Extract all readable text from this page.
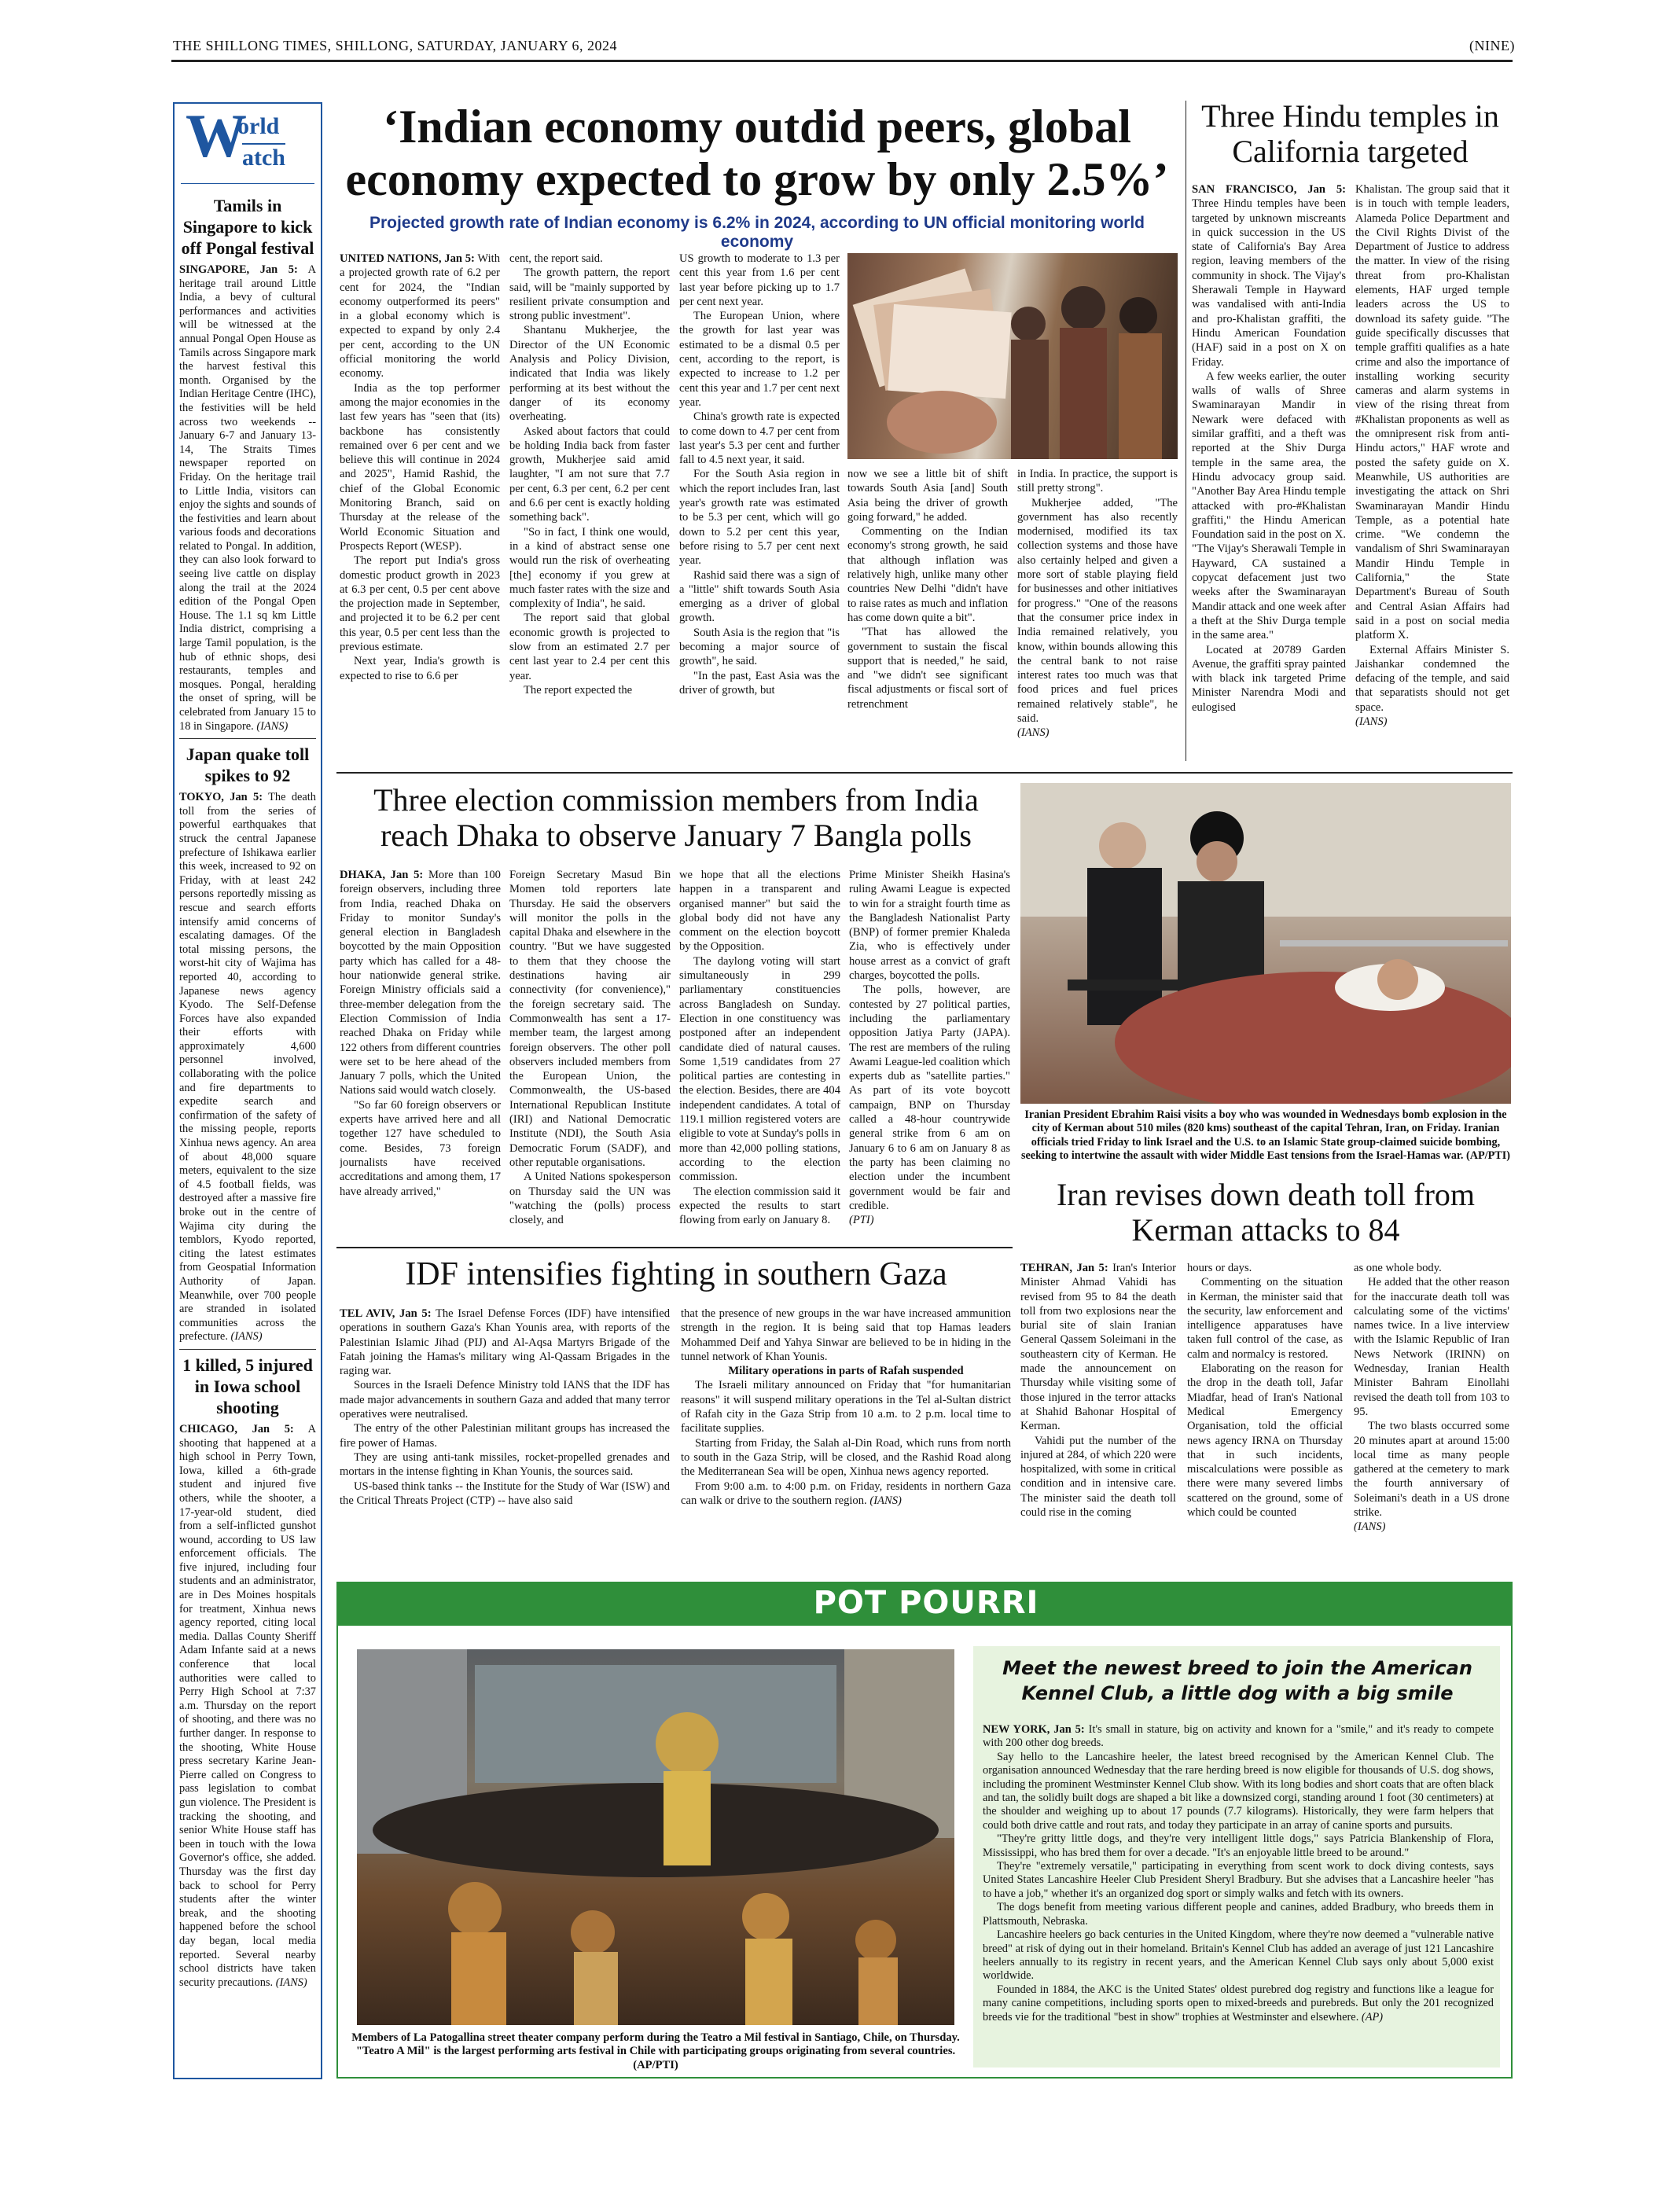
THE SHILLONG TIMES, SHILLONG, SATURDAY, JANUARY 6, 2024	(NINE)
W
orld
atch
Tamils in Singapore to kick off Pongal festival

SINGAPORE, Jan 5: A heritage trail around Little India, a bevy of cultural performances and activities will be witnessed at the annual Pongal Open House as Tamils across Singapore mark the harvest festival this month. Organised by the Indian Heritage Centre (IHC), the festivities will be held across two weekends -- January 6-7 and January 13-14, The Straits Times newspaper reported on Friday. On the heritage trail to Little India, visitors can enjoy the sights and sounds of the festivities and learn about various foods and decorations related to Pongal. In addition, they can also look forward to seeing live cattle on display along the trail at the 2024 edition of the Pongal Open House. The 1.1 sq km Little India district, comprising a large Tamil population, is the hub of ethnic shops, desi restaurants, temples and mosques. Pongal, heralding the onset of spring, will be celebrated from January 15 to 18 in Singapore. (IANS)

Japan quake toll spikes to 92

TOKYO, Jan 5: The death toll from the series of powerful earthquakes that struck the central Japanese prefecture of Ishikawa earlier this week, increased to 92 on Friday, with at least 242 persons reportedly missing as rescue and search efforts intensify amid concerns of escalating damages. Of the total missing persons, the worst-hit city of Wajima has reported 40, according to Japanese news agency Kyodo. The Self-Defense Forces have also expanded their efforts with approximately 4,600 personnel involved, collaborating with the police and fire departments to expedite search and confirmation of the safety of the missing people, reports Xinhua news agency. An area of about 48,000 square meters, equivalent to the size of 4.5 football fields, was destroyed after a massive fire broke out in the centre of Wajima city during the temblors, Kyodo reported, citing the latest estimates from Geospatial Information Authority of Japan. Meanwhile, over 700 people are stranded in isolated communities across the prefecture. (IANS)

1 killed, 5 injured in Iowa school shooting

CHICAGO, Jan 5: A shooting that happened at a high school in Perry Town, Iowa, killed a 6th-grade student and injured five others, while the shooter, a 17-year-old student, died from a self-inflicted gunshot wound, according to US law enforcement officials. The five injured, including four students and an administrator, are in Des Moines hospitals for treatment, Xinhua news agency reported, citing local media. Dallas County Sheriff Adam Infante said at a news conference that local authorities were called to Perry High School at 7:37 a.m. Thursday on the report of shooting, and there was no further danger. In response to the shooting, White House press secretary Karine Jean-Pierre called on Congress to pass legislation to combat gun violence. The President is tracking the shooting, and senior White House staff has been in touch with the Iowa Governor's office, she added. Thursday was the first day back to school for Perry students after the winter break, and the shooting happened before the school day began, local media reported. Several nearby school districts have taken security precautions. (IANS)

‘Indian economy outdid peers, global economy expected to grow by only 2.5%’
Projected growth rate of Indian economy is 6.2% in 2024, according to UN official monitoring world economy

UNITED NATIONS, Jan 5: With a projected growth rate of 6.2 per cent for 2024, the "Indian economy outperformed its peers" in a global economy which is expected to expand by only 2.4 per cent, according to the UN official monitoring the world economy.

India as the top performer among the major economies in the last few years has "seen that (its) backbone has consistently remained over 6 per cent and we believe this will continue in 2024 and 2025", Hamid Rashid, the chief of the Global Economic Monitoring Branch, said on Thursday at the release of the World Economic Situation and Prospects Report (WESP).

The report put India's gross domestic product growth in 2023 at 6.3 per cent, 0.5 per cent above the projection made in September, and projected it to be 6.2 per cent this year, 0.5 per cent less than the previous estimate.

Next year, India's growth is expected to rise to 6.6 per

cent, the report said.

The growth pattern, the report said, will be "mainly supported by resilient private consumption and strong public investment".

Shantanu Mukherjee, the Director of the UN Economic Analysis and Policy Division, indicated that India was likely performing at its best without the danger of its economy overheating.

Asked about factors that could be holding India back from faster growth, Mukherjee said amid laughter, "I am not sure that 7.7 per cent, 6.3 per cent, 6.2 per cent and 6.6 per cent is exactly holding something back".

"So in fact, I think one would, in a kind of abstract sense one would run the risk of overheating [the] economy if you grew at much faster rates with the size and complexity of India", he said.

The report said that global economic growth is projected to slow from an estimated 2.7 per cent last year to 2.4 per cent this year.

The report expected the

US growth to moderate to 1.3 per cent this year from 1.6 per cent last year before picking up to 1.7 per cent next year.

The European Union, where the growth for last year was estimated to be a dismal 0.5 per cent, according to the report, is expected to increase to 1.2 per cent this year and 1.7 per cent next year.

China's growth rate is expected to come down to 4.7 per cent from last year's 5.3 per cent and further fall to 4.5 next year, it said.

For the South Asia region in which the report includes Iran, last year's growth rate was estimated to be 5.3 per cent, which will go down to 5.2 per cent this year, before rising to 5.7 per cent next year.

Rashid said there was a sign of a "little" shift towards South Asia emerging as a driver of global growth.

South Asia is the region that "is becoming a major source of growth", he said.

"In the past, East Asia was the driver of growth, but

now we see a little bit of shift towards South Asia [and] South Asia being the driver of growth going forward," he added.

Commenting on the Indian economy's strong growth, he said that although inflation was relatively high, unlike many other countries New Delhi "didn't have to raise rates as much and inflation has come down quite a bit".

"That has allowed the government to sustain the fiscal support that is needed," he said, and "we didn't see significant fiscal adjustments or fiscal sort of retrenchment

in India. In practice, the support is still pretty strong".

Mukherjee added, "The government has also recently modernised, modified its tax collection systems and those have also certainly helped and given a more sort of stable playing field for businesses and other initiatives for progress." "One of the reasons that the consumer price index in India remained relatively, you know, within bounds allowing this the central bank to not raise interest rates too much was that food prices and fuel prices remained relatively stable", he said.

(IANS)

Three Hindu temples in California targeted

SAN FRANCISCO, Jan 5: Three Hindu temples have been targeted by unknown miscreants in quick succession in the US state of California's Bay Area region, leaving members of the community in shock. The Vijay's Sherawali Temple in Hayward was vandalised with anti-India and pro-Khalistan graffiti, the Hindu American Foundation (HAF) said in a post on X on Friday.

A few weeks earlier, the outer walls of walls of Shree Swaminarayan Mandir in Newark were defaced with similar graffiti, and a theft was reported at the Shiv Durga temple in the same area, the Hindu advocacy group said. "Another Bay Area Hindu temple attacked with pro-#Khalistan graffiti," the Hindu American Foundation said in the post on X. "The Vijay's Sherawali Temple in Hayward, CA sustained a copycat defacement just two weeks after the Swaminarayan Mandir attack and one week after a theft at the Shiv Durga temple in the same area."

Located at 20789 Garden Avenue, the graffiti spray painted with black ink targeted Prime Minister Narendra Modi and eulogised

Khalistan. The group said that it is in touch with temple leaders, Alameda Police Department and the Civil Rights Divist of the Department of Justice to address the matter. In view of the rising threat from pro-Khalistan elements, HAF urged temple leaders across the US to download its safety guide. "The guide specifically discusses that temple graffiti qualifies as a hate crime and also the importance of installing working security cameras and alarm systems in view of the rising threat from #Khalistan proponents as well as the omnipresent risk from anti-Hindu actors," HAF wrote and posted the safety guide on X. Meanwhile, US authorities are investigating the attack on Shri Swaminarayan Mandir Hindu Temple, as a potential hate crime. "We condemn the vandalism of Shri Swaminarayan Mandir Hindu Temple in California," the State Department's Bureau of South and Central Asian Affairs had said in a post on social media platform X.

External Affairs Minister S. Jaishankar condemned the defacing of the temple, and said that separatists should not get space.

(IANS)

Three election commission members from India reach Dhaka to observe January 7 Bangla polls

DHAKA, Jan 5: More than 100 foreign observers, including three from India, reached Dhaka on Friday to monitor Sunday's general election in Bangladesh boycotted by the main Opposition party which has called for a 48-hour nationwide general strike. Foreign Ministry officials said a three-member delegation from the Election Commission of India reached Dhaka on Friday while 122 others from different countries were set to be here ahead of the January 7 polls, which the United Nations said would watch closely.

"So far 60 foreign observers or experts have arrived here and all together 127 have scheduled to come. Besides, 73 foreign journalists have received accreditations and among them, 17 have already arrived,"

Foreign Secretary Masud Bin Momen told reporters late Thursday. He said the observers will monitor the polls in the capital Dhaka and elsewhere in the country. "But we have suggested to them that they choose the destinations having air connectivity (for convenience)," the foreign secretary said. The Commonwealth has sent a 17-member team, the largest among foreign observers. The other poll observers included members from the European Union, the Commonwealth, the US-based International Republican Institute (IRI) and National Democratic Institute (NDI), the South Asia Democratic Forum (SADF), and other reputable organisations.

A United Nations spokesperson on Thursday said the UN was "watching the (polls) process closely, and

we hope that all the elections happen in a transparent and organised manner" but said the global body did not have any comment on the election boycott by the Opposition.

The daylong voting will start simultaneously in 299 parliamentary constituencies across Bangladesh on Sunday. Election in one constituency was postponed after an independent candidate died of natural causes. Some 1,519 candidates from 27 political parties are contesting in the election. Besides, there are 404 independent candidates. A total of 119.1 million registered voters are eligible to vote at Sunday's polls in more than 42,000 polling stations, according to the election commission.

The election commission said it expected the results to start flowing from early on January 8.

Prime Minister Sheikh Hasina's ruling Awami League is expected to win for a straight fourth time as the Bangladesh Nationalist Party (BNP) of former premier Khaleda Zia, who is effectively under house arrest as a convict of graft charges, boycotted the polls.

The polls, however, are contested by 27 political parties, including the parliamentary opposition Jatiya Party (JAPA). The rest are members of the ruling Awami League-led coalition which experts dub as "satellite parties." As part of its vote boycott campaign, BNP on Thursday called a 48-hour countrywide general strike from 6 am on January 6 to 6 am on January 8 as the party has been claiming no election under the incumbent government would be fair and credible.

(PTI)

Iranian President Ebrahim Raisi visits a boy who was wounded in Wednesdays bomb explosion in the city of Kerman about 510 miles (820 kms) southeast of the capital Tehran, Iran, on Friday. Iranian officials tried Friday to link Israel and the U.S. to an Islamic State group-claimed suicide bombing, seeking to intertwine the assault with wider Middle East tensions from the Israel-Hamas war. (AP/PTI)
Iran revises down death toll from Kerman attacks to 84

TEHRAN, Jan 5: Iran's Interior Minister Ahmad Vahidi has revised from 95 to 84 the death toll from two explosions near the burial site of slain Iranian General Qassem Soleimani in the southeastern city of Kerman. He made the announcement on Thursday while visiting some of those injured in the terror attacks at Shahid Bahonar Hospital of Kerman.

Vahidi put the number of the injured at 284, of which 220 were hospitalized, with some in critical condition and in intensive care. The minister said the death toll could rise in the coming

hours or days.

Commenting on the situation in Kerman, the minister said that the security, law enforcement and intelligence apparatuses have taken full control of the case, as calm and normalcy is restored.

Elaborating on the reason for the drop in the death toll, Jafar Miadfar, head of Iran's National Medical Emergency Organisation, told the official news agency IRNA on Thursday that in such incidents, miscalculations were possible as there were many severed limbs scattered on the ground, some of which could be counted

as one whole body.

He added that the other reason for the inaccurate death toll was calculating some of the victims' names twice. In a live interview with the Islamic Republic of Iran News Network (IRINN) on Wednesday, Iranian Health Minister Bahram Einollahi revised the death toll from 103 to 95.

The two blasts occurred some 20 minutes apart at around 15:00 local time as many people gathered at the cemetery to mark the fourth anniversary of Soleimani's death in a US drone strike.

(IANS)

IDF intensifies fighting in southern Gaza

TEL AVIV, Jan 5: The Israel Defense Forces (IDF) have intensified operations in southern Gaza's Khan Younis area, with reports of the Palestinian Islamic Jihad (PIJ) and Al-Aqsa Martyrs Brigade of the Fatah joining the Hamas's military wing Al-Qassam Brigades in the raging war.

Sources in the Israeli Defence Ministry told IANS that the IDF has made major advancements in southern Gaza and added that many terror operatives were neutralised.

The entry of the other Palestinian militant groups has increased the fire power of Hamas.

They are using anti-tank missiles, rocket-propelled grenades and mortars in the intense fighting in Khan Younis, the sources said.

US-based think tanks -- the Institute for the Study of War (ISW) and the Critical Threats Project (CTP) -- have also said

that the presence of new groups in the war have increased ammunition strength in the region. It is being said that top Hamas leaders Mohammed Deif and Yahya Sinwar are believed to be in hiding in the tunnel network of Khan Younis.

Military operations in parts of Rafah suspended

The Israeli military announced on Friday that "for humanitarian reasons" it will suspend military operations in the Tel al-Sultan district of Rafah city in the Gaza Strip from 10 a.m. to 2 p.m. local time to facilitate supplies.

Starting from Friday, the Salah al-Din Road, which runs from north to south in the Gaza Strip, will be closed, and the Rashid Road along the Mediterranean Sea will be open, Xinhua news agency reported.

From 9:00 a.m. to 4:00 p.m. on Friday, residents in northern Gaza can walk or drive to the southern region. (IANS)

POT POURRI
Members of La Patogallina street theater company perform during the Teatro a Mil festival in Santiago, Chile, on Thursday. "Teatro A Mil" is the largest performing arts festival in Chile with participating groups originating from several countries. (AP/PTI)
Meet the newest breed to join the American Kennel Club, a little dog with a big smile

NEW YORK, Jan 5: It's small in stature, big on activity and known for a "smile," and it's ready to compete with 200 other dog breeds.

Say hello to the Lancashire heeler, the latest breed recognised by the American Kennel Club. The organisation announced Wednesday that the rare herding breed is now eligible for thousands of U.S. dog shows, including the prominent Westminster Kennel Club show. With its long bodies and short coats that are often black and tan, the solidly built dogs are shaped a bit like a downsized corgi, standing around 1 foot (30 centimeters) at the shoulder and weighing up to about 17 pounds (7.7 kilograms). Historically, they were farm helpers that could both drive cattle and rout rats, and today they participate in an array of canine sports and pursuits.

"They're gritty little dogs, and they're very intelligent little dogs," says Patricia Blankenship of Flora, Mississippi, who has bred them for over a decade. "It's an enjoyable little breed to be around."

They're "extremely versatile," participating in everything from scent work to dock diving contests, says United States Lancashire Heeler Club President Sheryl Bradbury. But she advises that a Lancashire heeler "has to have a job," whether it's an organized dog sport or simply walks and fetch with its owners.

The dogs benefit from meeting various different people and canines, added Bradbury, who breeds them in Plattsmouth, Nebraska.

Lancashire heelers go back centuries in the United Kingdom, where they're now deemed a "vulnerable native breed" at risk of dying out in their homeland. Britain's Kennel Club has added an average of just 121 Lancashire heelers annually to its registry in recent years, and the American Kennel Club says only about 5,000 exist worldwide.

Founded in 1884, the AKC is the United States' oldest purebred dog registry and functions like a league for many canine competitions, including sports open to mixed-breeds and purebreds. But only the 201 recognized breeds vie for the traditional "best in show" trophies at Westminster and elsewhere. (AP)
